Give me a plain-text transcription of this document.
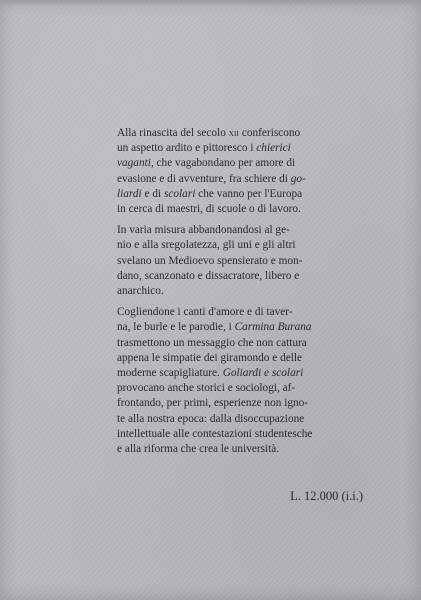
Alla rinascita del secolo xii conferiscono
un aspetto ardito e pittoresco i chierici
vaganti, che vagabondano per amore di
evasione e di avventure, fra schiere di go-
liardi e di scolari che vanno per l'Europa
in cerca di maestri, di scuole o di lavoro.
In varia misura abbandonandosi al ge-
nio e alla sregolatezza, gli uni e gli altri
svelano un Medioevo spensierato e mon-
dano, scanzonato e dissacratore, libero e
anarchico.
Cogliendone i canti d'amore e di taver-
na, le burle e le parodie, i Carmina Burana
trasmettono un messaggio che non cattura
appena le simpatie dei giramondo e delle
moderne scapigliature. Goliardi e scolari
provocano anche storici e sociologi, af-
frontando, per primi, esperienze non igno-
te alla nostra epoca: dalla disoccupazione
intellettuale alle contestazioni studentesche
e alla riforma che crea le università.
L. 12.000 (i.i.)
